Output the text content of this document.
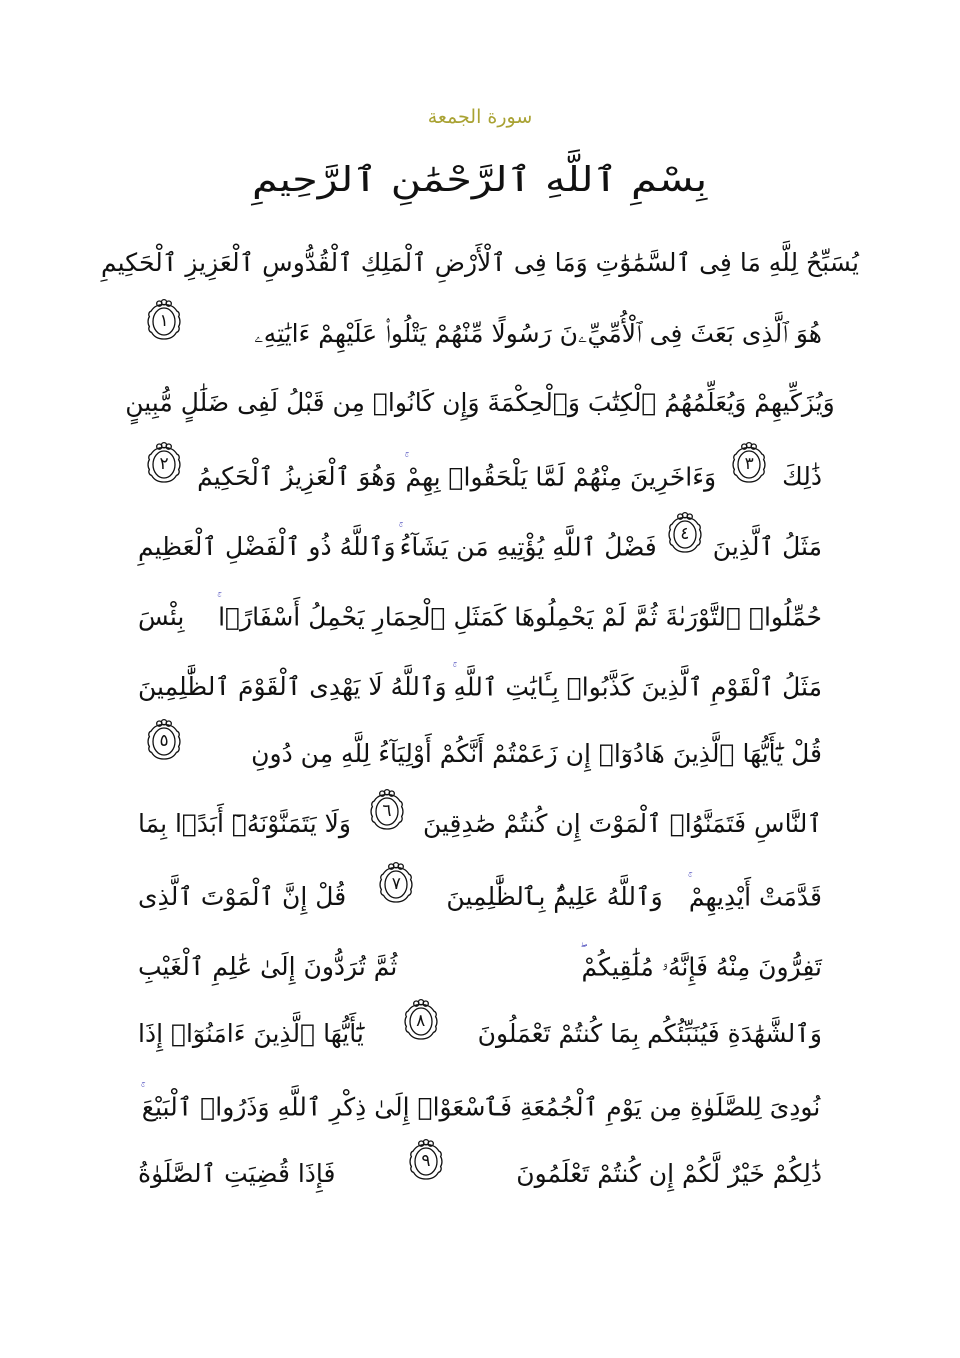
سورة الجمعة
بِسْمِ ٱللَّهِ ٱلرَّحْمَٰنِ ٱلرَّحِيمِ
يُسَبِّحُ لِلَّهِ مَا فِى ٱلسَّمَٰوَٰتِ وَمَا فِى ٱلْأَرْضِ ٱلْمَلِكِ ٱلْقُدُّوسِ ٱلْعَزِيزِ ٱلْحَكِيمِ
هُوَ ٱلَّذِى بَعَثَ فِى ٱلْأُمِّيِّۦنَ رَسُولًا مِّنْهُمْ يَتْلُوا۟ عَلَيْهِمْ ءَايَٰتِهِۦ
١
وَيُزَكِّيهِمْ وَيُعَلِّمُهُمُ ٱلْكِتَٰبَ وَٱلْحِكْمَةَ وَإِن كَانُوا۟ مِن قَبْلُ لَفِى ضَلَٰلٍ مُّبِينٍ
ذَٰلِكَ
٣
وَءَاخَرِينَ مِنْهُمْ لَمَّا يَلْحَقُوا۟ بِهِمْ
وَهُوَ ٱلْعَزِيزُ ٱلْحَكِيمُ
٢
مَثَلُ ٱلَّذِينَ
٤
فَضْلُ ٱللَّهِ يُؤْتِيهِ مَن يَشَآءُ
وَٱللَّهُ ذُو ٱلْفَضْلِ ٱلْعَظِيمِ
حُمِّلُوا۟ ٱلتَّوْرَىٰةَ ثُمَّ لَمْ يَحْمِلُوهَا كَمَثَلِ ٱلْحِمَارِ يَحْمِلُ أَسْفَارًۢا
بِئْسَ
مَثَلُ ٱلْقَوْمِ ٱلَّذِينَ كَذَّبُوا۟ بِـَٔايَٰتِ ٱللَّهِ
وَٱللَّهُ لَا يَهْدِى ٱلْقَوْمَ ٱلظَّٰلِمِينَ
قُلْ يَٰٓأَيُّهَا ٱلَّذِينَ هَادُوٓا۟ إِن زَعَمْتُمْ أَنَّكُمْ أَوْلِيَآءُ لِلَّهِ مِن دُونِ
٥
ٱلنَّاسِ فَتَمَنَّوُا۟ ٱلْمَوْتَ إِن كُنتُمْ صَٰدِقِينَ
٦
وَلَا يَتَمَنَّوْنَهُۥٓ أَبَدًۢا بِمَا
قَدَّمَتْ أَيْدِيهِمْ
وَٱللَّهُ عَلِيمٌۢ بِٱلظَّٰلِمِينَ
٧
قُلْ إِنَّ ٱلْمَوْتَ ٱلَّذِى
تَفِرُّونَ مِنْهُ فَإِنَّهُۥ مُلَٰقِيكُمْ
ثُمَّ تُرَدُّونَ إِلَىٰ عَٰلِمِ ٱلْغَيْبِ
وَٱلشَّهَٰدَةِ فَيُنَبِّئُكُم بِمَا كُنتُمْ تَعْمَلُونَ
٨
يَٰٓأَيُّهَا ٱلَّذِينَ ءَامَنُوٓا۟ إِذَا
نُودِىَ لِلصَّلَوٰةِ مِن يَوْمِ ٱلْجُمُعَةِ فَٱسْعَوْا۟ إِلَىٰ ذِكْرِ ٱللَّهِ وَذَرُوا۟ ٱلْبَيْعَ
ذَٰلِكُمْ خَيْرٌ لَّكُمْ إِن كُنتُمْ تَعْلَمُونَ
٩
فَإِذَا قُضِيَتِ ٱلصَّلَوٰةُ
